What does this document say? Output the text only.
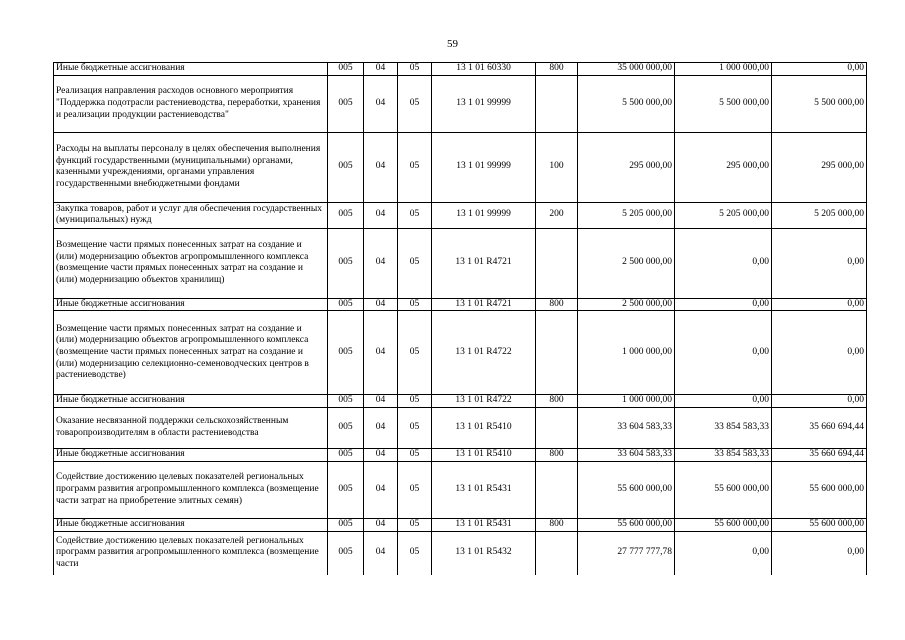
59
Иные бюджетные ассигнования	005	04	05	13 1 01 60330	800	35 000 000,00	1 000 000,00	0,00
Реализация направления расходов основного мероприятия "Поддержка подотрасли растениеводства, переработки, хранения и реализации продукции растениеводства"	005	04	05	13 1 01 99999		5 500 000,00	5 500 000,00	5 500 000,00
Расходы на выплаты персоналу в целях обеспечения выполнения функций государственными (муниципальными) органами, казенными учреждениями, органами управления государственными внебюджетными фондами	005	04	05	13 1 01 99999	100	295 000,00	295 000,00	295 000,00
Закупка товаров, работ и услуг для обеспечения государственных (муниципальных) нужд	005	04	05	13 1 01 99999	200	5 205 000,00	5 205 000,00	5 205 000,00
Возмещение части прямых понесенных затрат на создание и (или) модернизацию объектов агропромышленного комплекса (возмещение части прямых понесенных затрат на создание и (или) модернизацию объектов хранилищ)	005	04	05	13 1 01 R4721		2 500 000,00	0,00	0,00
Иные бюджетные ассигнования	005	04	05	13 1 01 R4721	800	2 500 000,00	0,00	0,00
Возмещение части прямых понесенных затрат на создание и (или) модернизацию объектов агропромышленного комплекса (возмещение части прямых понесенных затрат на создание и (или) модернизацию селекционно-семеноводческих центров в растениеводстве)	005	04	05	13 1 01 R4722		1 000 000,00	0,00	0,00
Иные бюджетные ассигнования	005	04	05	13 1 01 R4722	800	1 000 000,00	0,00	0,00
Оказание несвязанной поддержки сельскохозяйственным товаропроизводителям в области растениеводства	005	04	05	13 1 01 R5410		33 604 583,33	33 854 583,33	35 660 694,44
Иные бюджетные ассигнования	005	04	05	13 1 01 R5410	800	33 604 583,33	33 854 583,33	35 660 694,44
Содействие достижению целевых показателей региональных программ развития агропромышленного комплекса (возмещение части затрат на приобретение элитных семян)	005	04	05	13 1 01 R5431		55 600 000,00	55 600 000,00	55 600 000,00
Иные бюджетные ассигнования	005	04	05	13 1 01 R5431	800	55 600 000,00	55 600 000,00	55 600 000,00
Содействие достижению целевых показателей региональных программ развития агропромышленного комплекса (возмещение части	005	04	05	13 1 01 R5432		27 777 777,78	0,00	0,00
